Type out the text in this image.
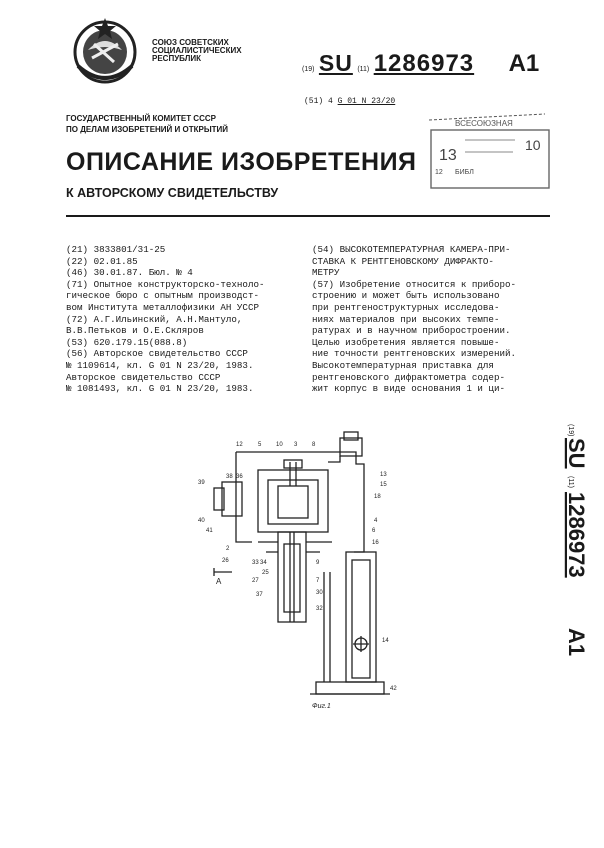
СОЮЗ СОВЕТСКИХ
СОЦИАЛИСТИЧЕСКИХ
РЕСПУБЛИК
(19) SU (11) 1286973 A1
(51) 4 G 01 N 23/20
ВСЕСОЮЗНАЯ
13
10
12 БИБЛ
ГОСУДАРСТВЕННЫЙ КОМИТЕТ СССР
ПО ДЕЛАМ ИЗОБРЕТЕНИЙ И ОТКРЫТИЙ
ОПИСАНИЕ ИЗОБРЕТЕНИЯ
К АВТОРСКОМУ СВИДЕТЕЛЬСТВУ
(21) 3833801/31-25
(22) 02.01.85
(46) 30.01.87. Бюл. № 4
(71) Опытное конструкторско-техноло-
гическое бюро с опытным производст-
вом Института металлофизики АН УССР
(72) А.Г.Ильинский, А.Н.Мантуло,
В.В.Петьков и О.Е.Скляров
(53) 620.179.15(088.8)
(56) Авторское свидетельство СССР
№ 1109614, кл. G 01 N 23/20, 1983.
Авторское свидетельство СССР
№ 1081493, кл. G 01 N 23/20, 1983.
(54) ВЫСОКОТЕМПЕРАТУРНАЯ КАМЕРА-ПРИ-
СТАВКА К РЕНТГЕНОВСКОМУ ДИФРАКТО-
МЕТРУ
(57) Изобретение относится к приборо-
строению и может быть использовано
при рентгеноструктурных исследова-
ниях материалов при высоких темпе-
ратурах и в научном приборостроении.
Целью изобретения является повыше-
ние точности рентгеновских измерений.
Высокотемпературная приставка для
рентгеновского дифрактометра содер-
жит корпус в виде основания 1 и ци-
(19)
SU
(11)
1286973
A1
12	5 10 3 8
39
38 36
40
41
2
26	33 34
27
25
37
13
15
18
4
6
16
9
30
7
32
14
42
А
Фиг.1
